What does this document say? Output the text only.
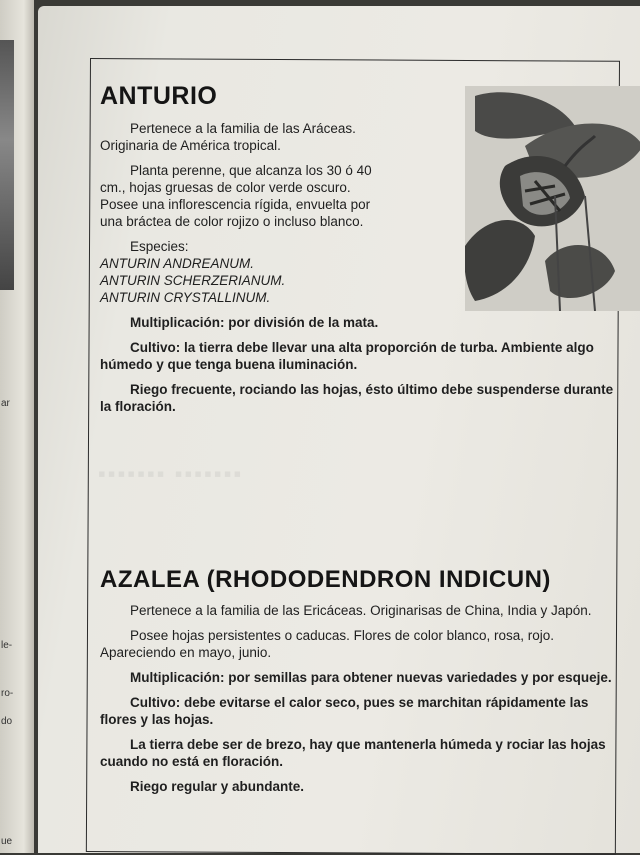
ar
le-
ro-
do
ue
▪▪▪▪▪▪▪ ▪▪▪▪▪▪▪
ANTURIO

Pertenece a la familia de las Aráceas. Originaria de América tropical.

Planta perenne, que alcanza los 30 ó 40 cm., hojas gruesas de color verde oscuro. Posee una inflorescencia rígida, envuelta por una bráctea de color rojizo o incluso blanco.

Especies:

ANTURIN ANDREANUM.

ANTURIN SCHERZERIANUM.

ANTURIN CRYSTALLINUM.

Multiplicación: por división de la mata.

Cultivo: la tierra debe llevar una alta proporción de turba. Ambiente algo húmedo y que tenga buena iluminación.

Riego frecuente, rociando las hojas, ésto último debe suspenderse durante la floración.

AZALEA (RHODODENDRON INDICUN)

Pertenece a la familia de las Ericáceas. Originarisas de China, India y Japón.

Posee hojas persistentes o caducas. Flores de color blanco, rosa, rojo. Apareciendo en mayo, junio.

Multiplicación: por semillas para obtener nuevas variedades y por esqueje.

Cultivo: debe evitarse el calor seco, pues se marchitan rápidamente las flores y las hojas.

La tierra debe ser de brezo, hay que mantenerla húmeda y rociar las hojas cuando no está en floración.

Riego regular y abundante.
